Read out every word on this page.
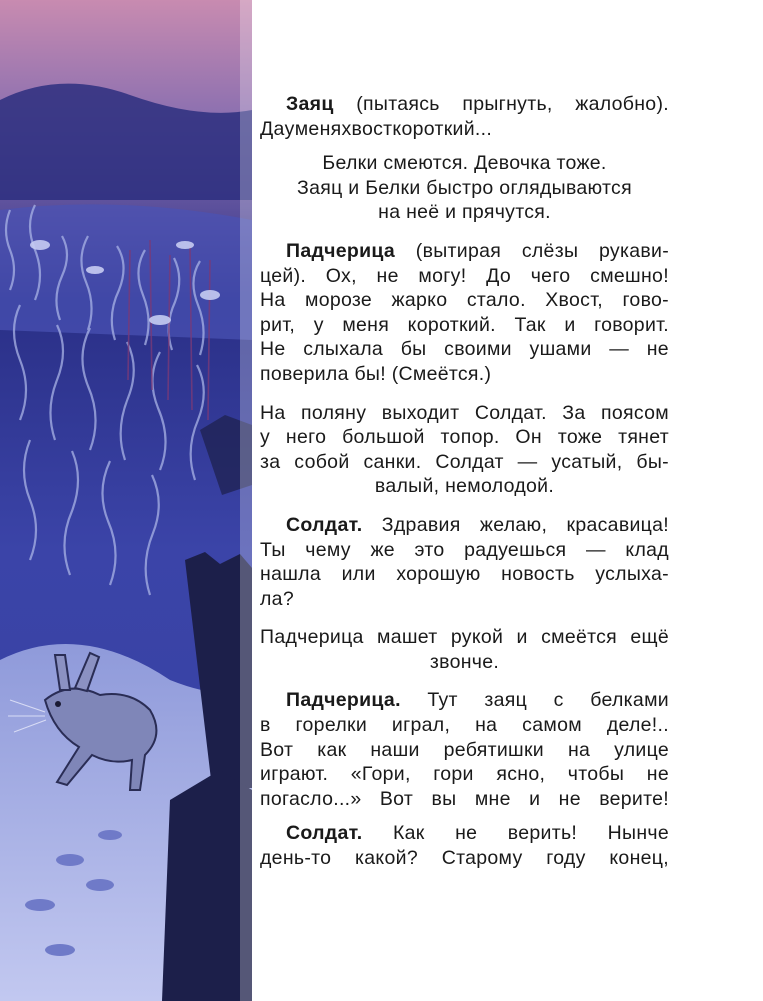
Заяц (пытаясь прыгнуть, жалобно).
Да у меня хвост короткий...
Белки смеются. Девочка тоже.
Заяц и Белки быстро оглядываются
на неё и прячутся.
Падчерица (вытирая слёзы рукави-
цей). Ох, не могу! До чего смешно!
На морозе жарко стало. Хвост, гово-
рит, у меня короткий. Так и говорит.
Не слыхала бы своими ушами — не
поверила бы! (Смеётся.)
На поляну выходит Солдат. За поясом
у него большой топор. Он тоже тянет
за собой санки. Солдат — усатый, бы-
валый, немолодой.
Солдат. Здравия желаю, красавица!
Ты чему же это радуешься — клад
нашла или хорошую новость услыха-
ла?
Падчерица машет рукой и смеётся ещё
звонче.
Падчерица. Тут заяц с белками
в горелки играл, на самом деле!..
Вот как наши ребятишки на улице
играют. «Гори, гори ясно, чтобы не
погасло...» Вот вы мне и не верите!
Солдат. Как не верить! Нынче
день-то какой? Старому году конец,
